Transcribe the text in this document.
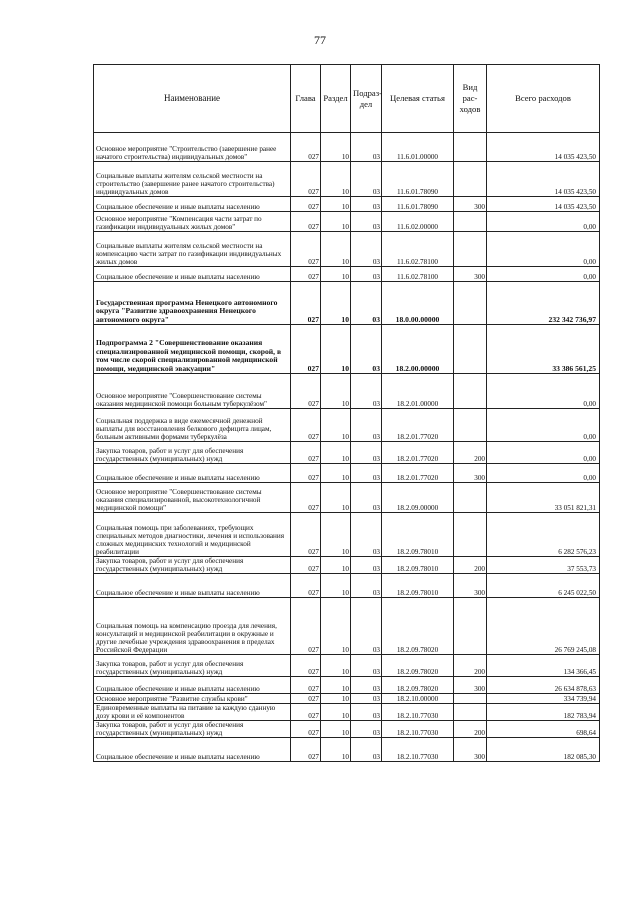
77
Наименование	Глава	Раздел	Подраз-дел	Целевая статья	Вид рас-ходов	Всего расходов
Основное мероприятие "Строительство (завершение ранее начатого строительства) индивидуальных домов"	027	10	03	11.6.01.00000		14 035 423,50
Социальные выплаты жителям сельской местности на строительство (завершение ранее начатого строительства) индивидуальных домов	027	10	03	11.6.01.78090		14 035 423,50
Социальное обеспечение и иные выплаты населению	027	10	03	11.6.01.78090	300	14 035 423,50
Основное мероприятие "Компенсация части затрат по газификации индивидуальных жилых домов"	027	10	03	11.6.02.00000		0,00
Социальные выплаты жителям сельской местности на компенсацию части затрат по газификации индивидуальных жилых домов	027	10	03	11.6.02.78100		0,00
Социальное обеспечение и иные выплаты населению	027	10	03	11.6.02.78100	300	0,00
Государственная программа Ненецкого автономного округа "Развитие здравоохранения Ненецкого автономного округа"	027	10	03	18.0.00.00000		232 342 736,97
Подпрограмма 2 "Совершенствование оказания специализированной медицинской помощи, скорой, в том числе скорой специализированной медицинской помощи, медицинской эвакуации"	027	10	03	18.2.00.00000		33 386 561,25
Основное мероприятие "Совершенствование системы оказания медицинской помощи больным туберкулёзом"	027	10	03	18.2.01.00000		0,00
Социальная поддержка в виде ежемесячной денежной выплаты для восстановления белкового дефицита лицам, больным активными формами туберкулёза	027	10	03	18.2.01.77020		0,00
Закупка товаров, работ и услуг для обеспечения государственных (муниципальных) нужд	027	10	03	18.2.01.77020	200	0,00
Социальное обеспечение и иные выплаты населению	027	10	03	18.2.01.77020	300	0,00
Основное мероприятие "Совершенствование системы оказания специализированной, высокотехнологичной медицинской помощи"	027	10	03	18.2.09.00000		33 051 821,31
Социальная помощь при заболеваниях, требующих специальных методов диагностики, лечения и использования сложных медицинских технологий и медицинской реабилитации	027	10	03	18.2.09.78010		6 282 576,23
Закупка товаров, работ и услуг для обеспечения государственных (муниципальных) нужд	027	10	03	18.2.09.78010	200	37 553,73
Социальное обеспечение и иные выплаты населению	027	10	03	18.2.09.78010	300	6 245 022,50
Социальная помощь на компенсацию проезда для лечения, консультаций и медицинской реабилитации в окружные и другие лечебные учреждения здравоохранения в пределах Российской Федерации	027	10	03	18.2.09.78020		26 769 245,08
Закупка товаров, работ и услуг для обеспечения государственных (муниципальных) нужд	027	10	03	18.2.09.78020	200	134 366,45
Социальное обеспечение и иные выплаты населению	027	10	03	18.2.09.78020	300	26 634 878,63
Основное мероприятие "Развитие службы крови"	027	10	03	18.2.10.00000		334 739,94
Единовременные выплаты на питание за каждую сданную дозу крови и её компонентов	027	10	03	18.2.10.77030		182 783,94
Закупка товаров, работ и услуг для обеспечения государственных (муниципальных) нужд	027	10	03	18.2.10.77030	200	698,64
Социальное обеспечение и иные выплаты населению	027	10	03	18.2.10.77030	300	182 085,30
